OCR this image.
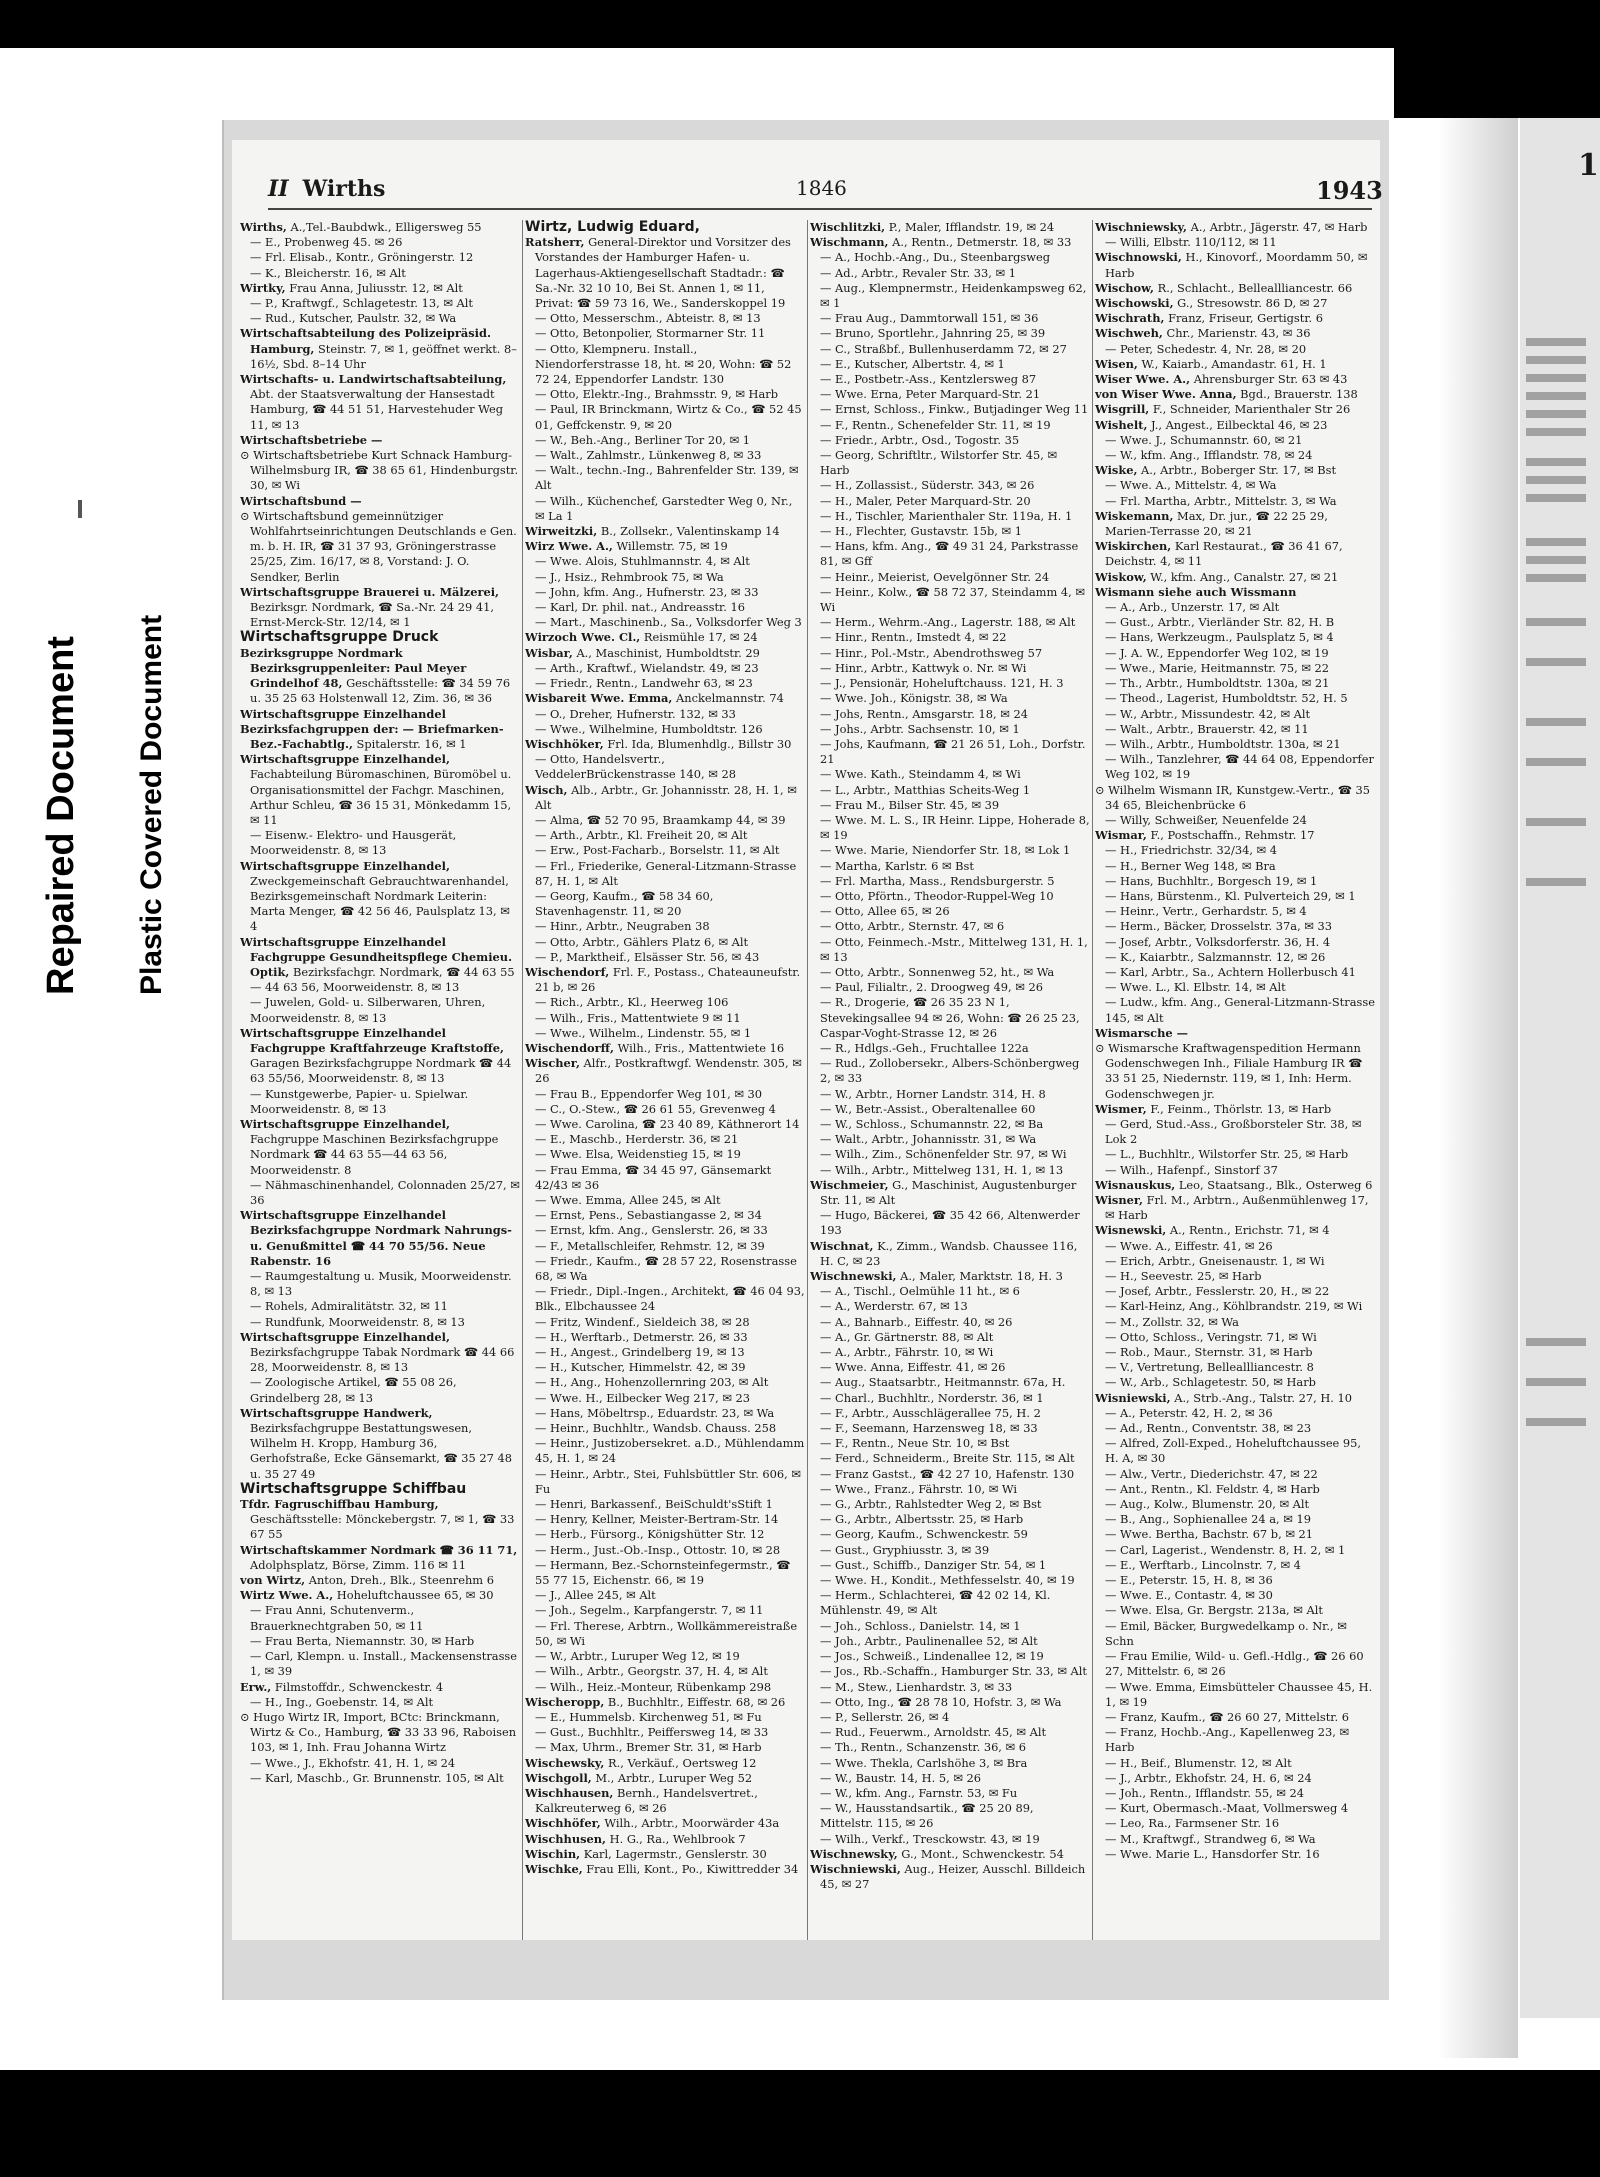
Repaired Document Plastic Covered Document
1
II Wirths	1846	1943
Wirths, A.,Tel.-Baubdwk., Elligersweg 55
— E., Probenweg 45. ✉ 26
— Frl. Elisab., Kontr., Gröningerstr. 12
— K., Bleicherstr. 16, ✉ Alt
Wirtky, Frau Anna, Juliusstr. 12, ✉ Alt
— P., Kraftwgf., Schlagetestr. 13, ✉ Alt
— Rud., Kutscher, Paulstr. 32, ✉ Wa
Wirtschaftsabteilung des Polizeipräsid. Hamburg, Steinstr. 7, ✉ 1, geöffnet werkt. 8–16½, Sbd. 8–14 Uhr
Wirtschafts- u. Landwirtschaftsabteilung, Abt. der Staatsverwaltung der Hansestadt Hamburg, ☎ 44 51 51, Harvestehuder Weg 11, ✉ 13
Wirtschaftsbetriebe —
⊙ Wirtschaftsbetriebe Kurt Schnack Hamburg-Wilhelmsburg IR, ☎ 38 65 61, Hindenburgstr. 30, ✉ Wi
Wirtschaftsbund —
⊙ Wirtschaftsbund gemeinnütziger Wohlfahrtseinrichtungen Deutschlands e Gen. m. b. H. IR, ☎ 31 37 93, Gröningerstrasse 25/25, Zim. 16/17, ✉ 8, Vorstand: J. O. Sendker, Berlin
Wirtschaftsgruppe Brauerei u. Mälzerei, Bezirksgr. Nordmark, ☎ Sa.-Nr. 24 29 41, Ernst-Merck-Str. 12/14, ✉ 1
Wirtschaftsgruppe Druck
Bezirksgruppe Nordmark Bezirksgruppenleiter: Paul Meyer Grindelhof 48, Geschäftsstelle: ☎ 34 59 76 u. 35 25 63 Holstenwall 12, Zim. 36, ✉ 36
Wirtschaftsgruppe Einzelhandel
Bezirksfachgruppen der: — Briefmarken-Bez.-Fachabtlg., Spitalerstr. 16, ✉ 1
Wirtschaftsgruppe Einzelhandel, Fachabteilung Büromaschinen, Büromöbel u. Organisationsmittel der Fachgr. Maschinen, Arthur Schleu, ☎ 36 15 31, Mönkedamm 15, ✉ 11
— Eisenw.- Elektro- und Hausgerät, Moorweidenstr. 8, ✉ 13
Wirtschaftsgruppe Einzelhandel, Zweckgemeinschaft Gebrauchtwarenhandel, Bezirksgemeinschaft Nordmark Leiterin: Marta Menger, ☎ 42 56 46, Paulsplatz 13, ✉ 4
Wirtschaftsgruppe Einzelhandel Fachgruppe Gesundheitspflege Chemieu. Optik, Bezirksfachgr. Nordmark, ☎ 44 63 55 — 44 63 56, Moorweidenstr. 8, ✉ 13
— Juwelen, Gold- u. Silberwaren, Uhren, Moorweidenstr. 8, ✉ 13
Wirtschaftsgruppe Einzelhandel Fachgruppe Kraftfahrzeuge Kraftstoffe, Garagen Bezirksfachgruppe Nordmark ☎ 44 63 55/56, Moorweidenstr. 8, ✉ 13
— Kunstgewerbe, Papier- u. Spielwar. Moorweidenstr. 8, ✉ 13
Wirtschaftsgruppe Einzelhandel, Fachgruppe Maschinen Bezirksfachgruppe Nordmark ☎ 44 63 55—44 63 56, Moorweidenstr. 8
— Nähmaschinenhandel, Colonnaden 25/27, ✉ 36
Wirtschaftsgruppe Einzelhandel Bezirksfachgruppe Nordmark Nahrungs- u. Genußmittel ☎ 44 70 55/56. Neue Rabenstr. 16
— Raumgestaltung u. Musik, Moorweidenstr. 8, ✉ 13
— Rohels, Admiralitätstr. 32, ✉ 11
— Rundfunk, Moorweidenstr. 8, ✉ 13
Wirtschaftsgruppe Einzelhandel, Bezirksfachgruppe Tabak Nordmark ☎ 44 66 28, Moorweidenstr. 8, ✉ 13
— Zoologische Artikel, ☎ 55 08 26, Grindelberg 28, ✉ 13
Wirtschaftsgruppe Handwerk, Bezirksfachgruppe Bestattungswesen, Wilhelm H. Kropp, Hamburg 36, Gerhofstraße, Ecke Gänsemarkt, ☎ 35 27 48 u. 35 27 49
Wirtschaftsgruppe Schiffbau
Tfdr. Fagruschiffbau Hamburg, Geschäftsstelle: Mönckebergstr. 7, ✉ 1, ☎ 33 67 55
Wirtschaftskammer Nordmark ☎ 36 11 71, Adolphsplatz, Börse, Zimm. 116 ✉ 11
von Wirtz, Anton, Dreh., Blk., Steenrehm 6
Wirtz Wwe. A., Hoheluftchaussee 65, ✉ 30
— Frau Anni, Schutenverm., Brauerknechtgraben 50, ✉ 11
— Frau Berta, Niemannstr. 30, ✉ Harb
— Carl, Klempn. u. Install., Mackensenstrasse 1, ✉ 39
Erw., Filmstoffdr., Schwenckestr. 4
— H., Ing., Goebenstr. 14, ✉ Alt
⊙ Hugo Wirtz IR, Import, BCtc: Brinckmann, Wirtz & Co., Hamburg, ☎ 33 33 96, Raboisen 103, ✉ 1, Inh. Frau Johanna Wirtz
— Wwe., J., Ekhofstr. 41, H. 1, ✉ 24
— Karl, Maschb., Gr. Brunnenstr. 105, ✉ Alt
Wirtz, Ludwig Eduard,
Ratsherr, General-Direktor und Vorsitzer des Vorstandes der Hamburger Hafen- u. Lagerhaus-Aktiengesellschaft Stadtadr.: ☎ Sa.-Nr. 32 10 10, Bei St. Annen 1, ✉ 11, Privat: ☎ 59 73 16, We., Sanderskoppel 19
— Otto, Messerschm., Abteistr. 8, ✉ 13
— Otto, Betonpolier, Stormarner Str. 11
— Otto, Klempneru. Install., Niendorferstrasse 18, ht. ✉ 20, Wohn: ☎ 52 72 24, Eppendorfer Landstr. 130
— Otto, Elektr.-Ing., Brahmsstr. 9, ✉ Harb
— Paul, IR Brinckmann, Wirtz & Co., ☎ 52 45 01, Geffckenstr. 9, ✉ 20
— W., Beh.-Ang., Berliner Tor 20, ✉ 1
— Walt., Zahlmstr., Lünkenweg 8, ✉ 33
— Walt., techn.-Ing., Bahrenfelder Str. 139, ✉ Alt
— Wilh., Küchenchef, Garstedter Weg 0, Nr., ✉ La 1
Wirweitzki, B., Zollsekr., Valentinskamp 14
Wirz Wwe. A., Willemstr. 75, ✉ 19
— Wwe. Alois, Stuhlmannstr. 4, ✉ Alt
— J., Hsiz., Rehmbrook 75, ✉ Wa
— John, kfm. Ang., Hufnerstr. 23, ✉ 33
— Karl, Dr. phil. nat., Andreasstr. 16
— Mart., Maschinenb., Sa., Volksdorfer Weg 3
Wirzoch Wwe. Cl., Reismühle 17, ✉ 24
Wisbar, A., Maschinist, Humboldtstr. 29
— Arth., Kraftwf., Wielandstr. 49, ✉ 23
— Friedr., Rentn., Landwehr 63, ✉ 23
Wisbareit Wwe. Emma, Anckelmannstr. 74
— O., Dreher, Hufnerstr. 132, ✉ 33
— Wwe., Wilhelmine, Humboldtstr. 126
Wischhöker, Frl. Ida, Blumenhdlg., Billstr 30
— Otto, Handelsvertr., VeddelerBrückenstrasse 140, ✉ 28
Wisch, Alb., Arbtr., Gr. Johannisstr. 28, H. 1, ✉ Alt
— Alma, ☎ 52 70 95, Braamkamp 44, ✉ 39
— Arth., Arbtr., Kl. Freiheit 20, ✉ Alt
— Erw., Post-Facharb., Borselstr. 11, ✉ Alt
— Frl., Friederike, General-Litzmann-Strasse 87, H. 1, ✉ Alt
— Georg, Kaufm., ☎ 58 34 60, Stavenhagenstr. 11, ✉ 20
— Hinr., Arbtr., Neugraben 38
— Otto, Arbtr., Gählers Platz 6, ✉ Alt
— P., Marktheif., Elsässer Str. 56, ✉ 43
Wischendorf, Frl. F., Postass., Chateauneufstr. 21 b, ✉ 26
— Rich., Arbtr., Kl., Heerweg 106
— Wilh., Fris., Mattentwiete 9 ✉ 11
— Wwe., Wilhelm., Lindenstr. 55, ✉ 1
Wischendorff, Wilh., Fris., Mattentwiete 16
Wischer, Alfr., Postkraftwgf. Wendenstr. 305, ✉ 26
— Frau B., Eppendorfer Weg 101, ✉ 30
— C., O.-Stew., ☎ 26 61 55, Grevenweg 4
— Wwe. Carolina, ☎ 23 40 89, Käthnerort 14
— E., Maschb., Herderstr. 36, ✉ 21
— Wwe. Elsa, Weidenstieg 15, ✉ 19
— Frau Emma, ☎ 34 45 97, Gänsemarkt 42/43 ✉ 36
— Wwe. Emma, Allee 245, ✉ Alt
— Ernst, Pens., Sebastiangasse 2, ✉ 34
— Ernst, kfm. Ang., Genslerstr. 26, ✉ 33
— F., Metallschleifer, Rehmstr. 12, ✉ 39
— Friedr., Kaufm., ☎ 28 57 22, Rosenstrasse 68, ✉ Wa
— Friedr., Dipl.-Ingen., Architekt, ☎ 46 04 93, Blk., Elbchaussee 24
— Fritz, Windenf., Sieldeich 38, ✉ 28
— H., Werftarb., Detmerstr. 26, ✉ 33
— H., Angest., Grindelberg 19, ✉ 13
— H., Kutscher, Himmelstr. 42, ✉ 39
— H., Ang., Hohenzollernring 203, ✉ Alt
— Wwe. H., Eilbecker Weg 217, ✉ 23
— Hans, Möbeltrsp., Eduardstr. 23, ✉ Wa
— Heinr., Buchhltr., Wandsb. Chauss. 258
— Heinr., Justizobersekret. a.D., Mühlendamm 45, H. 1, ✉ 24
— Heinr., Arbtr., Stei, Fuhlsbüttler Str. 606, ✉ Fu
— Henri, Barkassenf., BeiSchuldt'sStift 1
— Henry, Kellner, Meister-Bertram-Str. 14
— Herb., Fürsorg., Königshütter Str. 12
— Herm., Just.-Ob.-Insp., Ottostr. 10, ✉ 28
— Hermann, Bez.-Schornsteinfegermstr., ☎ 55 77 15, Eichenstr. 66, ✉ 19
— J., Allee 245, ✉ Alt
— Joh., Segelm., Karpfangerstr. 7, ✉ 11
— Frl. Therese, Arbtrn., Wollkämmereistraße 50, ✉ Wi
— W., Arbtr., Luruper Weg 12, ✉ 19
— Wilh., Arbtr., Georgstr. 37, H. 4, ✉ Alt
— Wilh., Heiz.-Monteur, Rübenkamp 298
Wischeropp, B., Buchhltr., Eiffestr. 68, ✉ 26
— E., Hummelsb. Kirchenweg 51, ✉ Fu
— Gust., Buchhltr., Peiffersweg 14, ✉ 33
— Max, Uhrm., Bremer Str. 31, ✉ Harb
Wischewsky, R., Verkäuf., Oertsweg 12
Wischgoll, M., Arbtr., Luruper Weg 52
Wischhausen, Bernh., Handelsvertret., Kalkreuterweg 6, ✉ 26
Wischhöfer, Wilh., Arbtr., Moorwärder 43a
Wischhusen, H. G., Ra., Wehlbrook 7
Wischin, Karl, Lagermstr., Genslerstr. 30
Wischke, Frau Elli, Kont., Po., Kiwittredder 34
Wischlitzki, P., Maler, Ifflandstr. 19, ✉ 24
Wischmann, A., Rentn., Detmerstr. 18, ✉ 33
— A., Hochb.-Ang., Du., Steenbargsweg
— Ad., Arbtr., Revaler Str. 33, ✉ 1
— Aug., Klempnermstr., Heidenkampsweg 62, ✉ 1
— Frau Aug., Dammtorwall 151, ✉ 36
— Bruno, Sportlehr., Jahnring 25, ✉ 39
— C., Straßbf., Bullenhuserdamm 72, ✉ 27
— E., Kutscher, Albertstr. 4, ✉ 1
— E., Postbetr.-Ass., Kentzlersweg 87
— Wwe. Erna, Peter Marquard-Str. 21
— Ernst, Schloss., Finkw., Butjadinger Weg 11
— F., Rentn., Schenefelder Str. 11, ✉ 19
— Friedr., Arbtr., Osd., Togostr. 35
— Georg, Schriftltr., Wilstorfer Str. 45, ✉ Harb
— H., Zollassist., Süderstr. 343, ✉ 26
— H., Maler, Peter Marquard-Str. 20
— H., Tischler, Marienthaler Str. 119a, H. 1
— H., Flechter, Gustavstr. 15b, ✉ 1
— Hans, kfm. Ang., ☎ 49 31 24, Parkstrasse 81, ✉ Gff
— Heinr., Meierist, Oevelgönner Str. 24
— Heinr., Kolw., ☎ 58 72 37, Steindamm 4, ✉ Wi
— Herm., Wehrm.-Ang., Lagerstr. 188, ✉ Alt
— Hinr., Rentn., Imstedt 4, ✉ 22
— Hinr., Pol.-Mstr., Abendrothsweg 57
— Hinr., Arbtr., Kattwyk o. Nr. ✉ Wi
— J., Pensionär, Hoheluftchauss. 121, H. 3
— Wwe. Joh., Königstr. 38, ✉ Wa
— Johs, Rentn., Amsgarstr. 18, ✉ 24
— Johs., Arbtr. Sachsenstr. 10, ✉ 1
— Johs, Kaufmann, ☎ 21 26 51, Loh., Dorfstr. 21
— Wwe. Kath., Steindamm 4, ✉ Wi
— L., Arbtr., Matthias Scheits-Weg 1
— Frau M., Bilser Str. 45, ✉ 39
— Wwe. M. L. S., IR Heinr. Lippe, Hoherade 8, ✉ 19
— Wwe. Marie, Niendorfer Str. 18, ✉ Lok 1
— Martha, Karlstr. 6 ✉ Bst
— Frl. Martha, Mass., Rendsburgerstr. 5
— Otto, Pförtn., Theodor-Ruppel-Weg 10
— Otto, Allee 65, ✉ 26
— Otto, Arbtr., Sternstr. 47, ✉ 6
— Otto, Feinmech.-Mstr., Mittelweg 131, H. 1, ✉ 13
— Otto, Arbtr., Sonnenweg 52, ht., ✉ Wa
— Paul, Filialtr., 2. Droogweg 49, ✉ 26
— R., Drogerie, ☎ 26 35 23 N 1, Stevekingsallee 94 ✉ 26, Wohn: ☎ 26 25 23, Caspar-Voght-Strasse 12, ✉ 26
— R., Hdlgs.-Geh., Fruchtallee 122a
— Rud., Zollobersekr., Albers-Schönbergweg 2, ✉ 33
— W., Arbtr., Horner Landstr. 314, H. 8
— W., Betr.-Assist., Oberaltenallee 60
— W., Schloss., Schumannstr. 22, ✉ Ba
— Walt., Arbtr., Johannisstr. 31, ✉ Wa
— Wilh., Zim., Schönenfelder Str. 97, ✉ Wi
— Wilh., Arbtr., Mittelweg 131, H. 1, ✉ 13
Wischmeier, G., Maschinist, Augustenburger Str. 11, ✉ Alt
— Hugo, Bäckerei, ☎ 35 42 66, Altenwerder 193
Wischnat, K., Zimm., Wandsb. Chaussee 116, H. C, ✉ 23
Wischnewski, A., Maler, Marktstr. 18, H. 3
— A., Tischl., Oelmühle 11 ht., ✉ 6
— A., Werderstr. 67, ✉ 13
— A., Bahnarb., Eiffestr. 40, ✉ 26
— A., Gr. Gärtnerstr. 88, ✉ Alt
— A., Arbtr., Fährstr. 10, ✉ Wi
— Wwe. Anna, Eiffestr. 41, ✉ 26
— Aug., Staatsarbtr., Heitmannstr. 67a, H.
— Charl., Buchhltr., Norderstr. 36, ✉ 1
— F., Arbtr., Ausschlägerallee 75, H. 2
— F., Seemann, Harzensweg 18, ✉ 33
— F., Rentn., Neue Str. 10, ✉ Bst
— Ferd., Schneiderm., Breite Str. 115, ✉ Alt
— Franz Gastst., ☎ 42 27 10, Hafenstr. 130
— Wwe., Franz., Fährstr. 10, ✉ Wi
— G., Arbtr., Rahlstedter Weg 2, ✉ Bst
— G., Arbtr., Albertsstr. 25, ✉ Harb
— Georg, Kaufm., Schwenckestr. 59
— Gust., Gryphiusstr. 3, ✉ 39
— Gust., Schiffb., Danziger Str. 54, ✉ 1
— Wwe. H., Kondit., Methfesselstr. 40, ✉ 19
— Herm., Schlachterei, ☎ 42 02 14, Kl. Mühlenstr. 49, ✉ Alt
— Joh., Schloss., Danielstr. 14, ✉ 1
— Joh., Arbtr., Paulinenallee 52, ✉ Alt
— Jos., Schweiß., Lindenallee 12, ✉ 19
— Jos., Rb.-Schaffn., Hamburger Str. 33, ✉ Alt
— M., Stew., Lienhardstr. 3, ✉ 33
— Otto, Ing., ☎ 28 78 10, Hofstr. 3, ✉ Wa
— P., Sellerstr. 26, ✉ 4
— Rud., Feuerwm., Arnoldstr. 45, ✉ Alt
— Th., Rentn., Schanzenstr. 36, ✉ 6
— Wwe. Thekla, Carlshöhe 3, ✉ Bra
— W., Baustr. 14, H. 5, ✉ 26
— W., kfm. Ang., Farnstr. 53, ✉ Fu
— W., Hausstandsartik., ☎ 25 20 89, Mittelstr. 115, ✉ 26
— Wilh., Verkf., Tresckowstr. 43, ✉ 19
Wischnewsky, G., Mont., Schwenckestr. 54
Wischniewski, Aug., Heizer, Ausschl. Billdeich 45, ✉ 27
Wischniewsky, A., Arbtr., Jägerstr. 47, ✉ Harb
— Willi, Elbstr. 110/112, ✉ 11
Wischnowski, H., Kinovorf., Moordamm 50, ✉ Harb
Wischow, R., Schlacht., Belleallliancestr. 66
Wischowski, G., Stresowstr. 86 D, ✉ 27
Wischrath, Franz, Friseur, Gertigstr. 6
Wischweh, Chr., Marienstr. 43, ✉ 36
— Peter, Schedestr. 4, Nr. 28, ✉ 20
Wisen, W., Kaiarb., Amandastr. 61, H. 1
Wiser Wwe. A., Ahrensburger Str. 63 ✉ 43
von Wiser Wwe. Anna, Bgd., Brauerstr. 138
Wisgrill, F., Schneider, Marienthaler Str 26
Wishelt, J., Angest., Eilbecktal 46, ✉ 23
— Wwe. J., Schumannstr. 60, ✉ 21
— W., kfm. Ang., Ifflandstr. 78, ✉ 24
Wiske, A., Arbtr., Boberger Str. 17, ✉ Bst
— Wwe. A., Mittelstr. 4, ✉ Wa
— Frl. Martha, Arbtr., Mittelstr. 3, ✉ Wa
Wiskemann, Max, Dr. jur., ☎ 22 25 29, Marien-Terrasse 20, ✉ 21
Wiskirchen, Karl Restaurat., ☎ 36 41 67, Deichstr. 4, ✉ 11
Wiskow, W., kfm. Ang., Canalstr. 27, ✉ 21
Wismann siehe auch Wissmann
— A., Arb., Unzerstr. 17, ✉ Alt
— Gust., Arbtr., Vierländer Str. 82, H. B
— Hans, Werkzeugm., Paulsplatz 5, ✉ 4
— J. A. W., Eppendorfer Weg 102, ✉ 19
— Wwe., Marie, Heitmannstr. 75, ✉ 22
— Th., Arbtr., Humboldtstr. 130a, ✉ 21
— Theod., Lagerist, Humboldtstr. 52, H. 5
— W., Arbtr., Missundestr. 42, ✉ Alt
— Walt., Arbtr., Brauerstr. 42, ✉ 11
— Wilh., Arbtr., Humboldtstr. 130a, ✉ 21
— Wilh., Tanzlehrer, ☎ 44 64 08, Eppendorfer Weg 102, ✉ 19
⊙ Wilhelm Wismann IR, Kunstgew.-Vertr., ☎ 35 34 65, Bleichenbrücke 6
— Willy, Schweißer, Neuenfelde 24
Wismar, F., Postschaffn., Rehmstr. 17
— H., Friedrichstr. 32/34, ✉ 4
— H., Berner Weg 148, ✉ Bra
— Hans, Buchhltr., Borgesch 19, ✉ 1
— Hans, Bürstenm., Kl. Pulverteich 29, ✉ 1
— Heinr., Vertr., Gerhardstr. 5, ✉ 4
— Herm., Bäcker, Drosselstr. 37a, ✉ 33
— Josef, Arbtr., Volksdorferstr. 36, H. 4
— K., Kaiarbtr., Salzmannstr. 12, ✉ 26
— Karl, Arbtr., Sa., Achtern Hollerbusch 41
— Wwe. L., Kl. Elbstr. 14, ✉ Alt
— Ludw., kfm. Ang., General-Litzmann-Strasse 145, ✉ Alt
Wismarsche —
⊙ Wismarsche Kraftwagenspedition Hermann Godenschwegen Inh., Filiale Hamburg IR ☎ 33 51 25, Niedernstr. 119, ✉ 1, Inh: Herm. Godenschwegen jr.
Wismer, F., Feinm., Thörlstr. 13, ✉ Harb
— Gerd, Stud.-Ass., Großborsteler Str. 38, ✉ Lok 2
— L., Buchhltr., Wilstorfer Str. 25, ✉ Harb
— Wilh., Hafenpf., Sinstorf 37
Wisnauskus, Leo, Staatsang., Blk., Osterweg 6
Wisner, Frl. M., Arbtrn., Außenmühlenweg 17, ✉ Harb
Wisnewski, A., Rentn., Erichstr. 71, ✉ 4
— Wwe. A., Eiffestr. 41, ✉ 26
— Erich, Arbtr., Gneisenaustr. 1, ✉ Wi
— H., Seevestr. 25, ✉ Harb
— Josef, Arbtr., Fesslerstr. 20, H., ✉ 22
— Karl-Heinz, Ang., Köhlbrandstr. 219, ✉ Wi
— M., Zollstr. 32, ✉ Wa
— Otto, Schloss., Veringstr. 71, ✉ Wi
— Rob., Maur., Sternstr. 31, ✉ Harb
— V., Vertretung, Belleallliancestr. 8
— W., Arb., Schlagetestr. 50, ✉ Harb
Wisniewski, A., Strb.-Ang., Talstr. 27, H. 10
— A., Peterstr. 42, H. 2, ✉ 36
— Ad., Rentn., Conventstr. 38, ✉ 23
— Alfred, Zoll-Exped., Hoheluftchaussee 95, H. A, ✉ 30
— Alw., Vertr., Diederichstr. 47, ✉ 22
— Ant., Rentn., Kl. Feldstr. 4, ✉ Harb
— Aug., Kolw., Blumenstr. 20, ✉ Alt
— B., Ang., Sophienallee 24 a, ✉ 19
— Wwe. Bertha, Bachstr. 67 b, ✉ 21
— Carl, Lagerist., Wendenstr. 8, H. 2, ✉ 1
— E., Werftarb., Lincolnstr. 7, ✉ 4
— E., Peterstr. 15, H. 8, ✉ 36
— Wwe. E., Contastr. 4, ✉ 30
— Wwe. Elsa, Gr. Bergstr. 213a, ✉ Alt
— Emil, Bäcker, Burgwedelkamp o. Nr., ✉ Schn
— Frau Emilie, Wild- u. Gefl.-Hdlg., ☎ 26 60 27, Mittelstr. 6, ✉ 26
— Wwe. Emma, Eimsbütteler Chaussee 45, H. 1, ✉ 19
— Franz, Kaufm., ☎ 26 60 27, Mittelstr. 6
— Franz, Hochb.-Ang., Kapellenweg 23, ✉ Harb
— H., Beif., Blumenstr. 12, ✉ Alt
— J., Arbtr., Ekhofstr. 24, H. 6, ✉ 24
— Joh., Rentn., Ifflandstr. 55, ✉ 24
— Kurt, Obermasch.-Maat, Vollmersweg 4
— Leo, Ra., Farmsener Str. 16
— M., Kraftwgf., Strandweg 6, ✉ Wa
— Wwe. Marie L., Hansdorfer Str. 16
